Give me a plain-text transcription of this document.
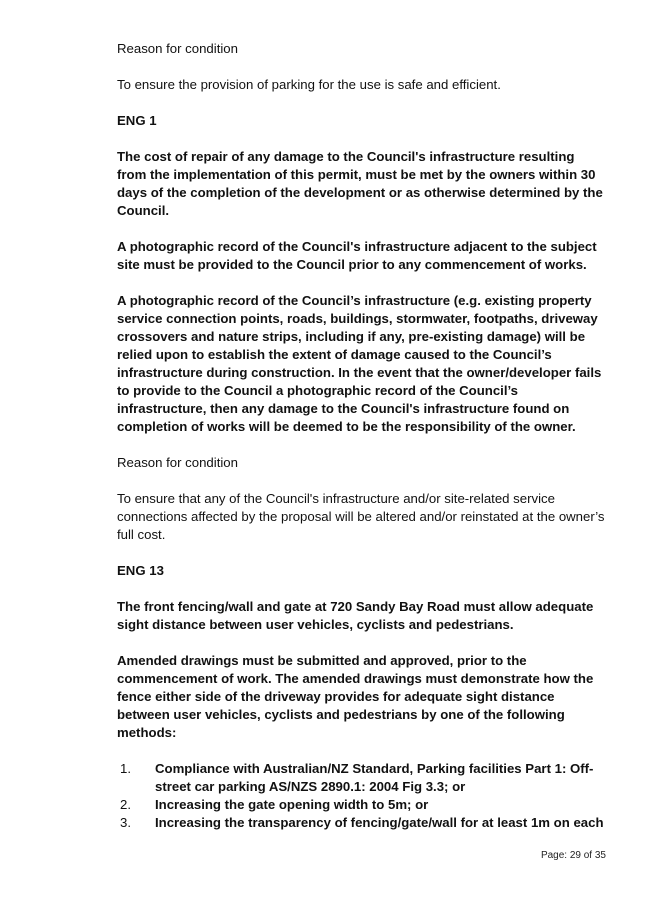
Reason for condition

To ensure the provision of parking for the use is safe and efficient.

ENG 1

The cost of repair of any damage to the Council's infrastructure resulting from the implementation of this permit, must be met by the owners within 30 days of the completion of the development or as otherwise determined by the Council.

A photographic record of the Council's infrastructure adjacent to the subject site must be provided to the Council prior to any commencement of works.

A photographic record of the Council’s infrastructure (e.g. existing property service connection points, roads, buildings, stormwater, footpaths, driveway crossovers and nature strips, including if any, pre-existing damage) will be relied upon to establish the extent of damage caused to the Council’s infrastructure during construction. In the event that the owner/developer fails to provide to the Council a photographic record of the Council’s infrastructure, then any damage to the Council's infrastructure found on completion of works will be deemed to be the responsibility of the owner.

Reason for condition

To ensure that any of the Council's infrastructure and/or site-related service connections affected by the proposal will be altered and/or reinstated at the owner’s full cost.

ENG 13

The front fencing/wall and gate at 720 Sandy Bay Road must allow adequate sight distance between user vehicles, cyclists and pedestrians.

Amended drawings must be submitted and approved, prior to the commencement of work. The amended drawings must demonstrate how the fence either side of the driveway provides for adequate sight distance between user vehicles, cyclists and pedestrians by one of the following methods:

1. Compliance with Australian/NZ Standard, Parking facilities Part 1: Off-street car parking AS/NZS 2890.1: 2004 Fig 3.3; or
2. Increasing the gate opening width to 5m; or
3. Increasing the transparency of fencing/gate/wall for at least 1m on each
Page: 29 of 35
